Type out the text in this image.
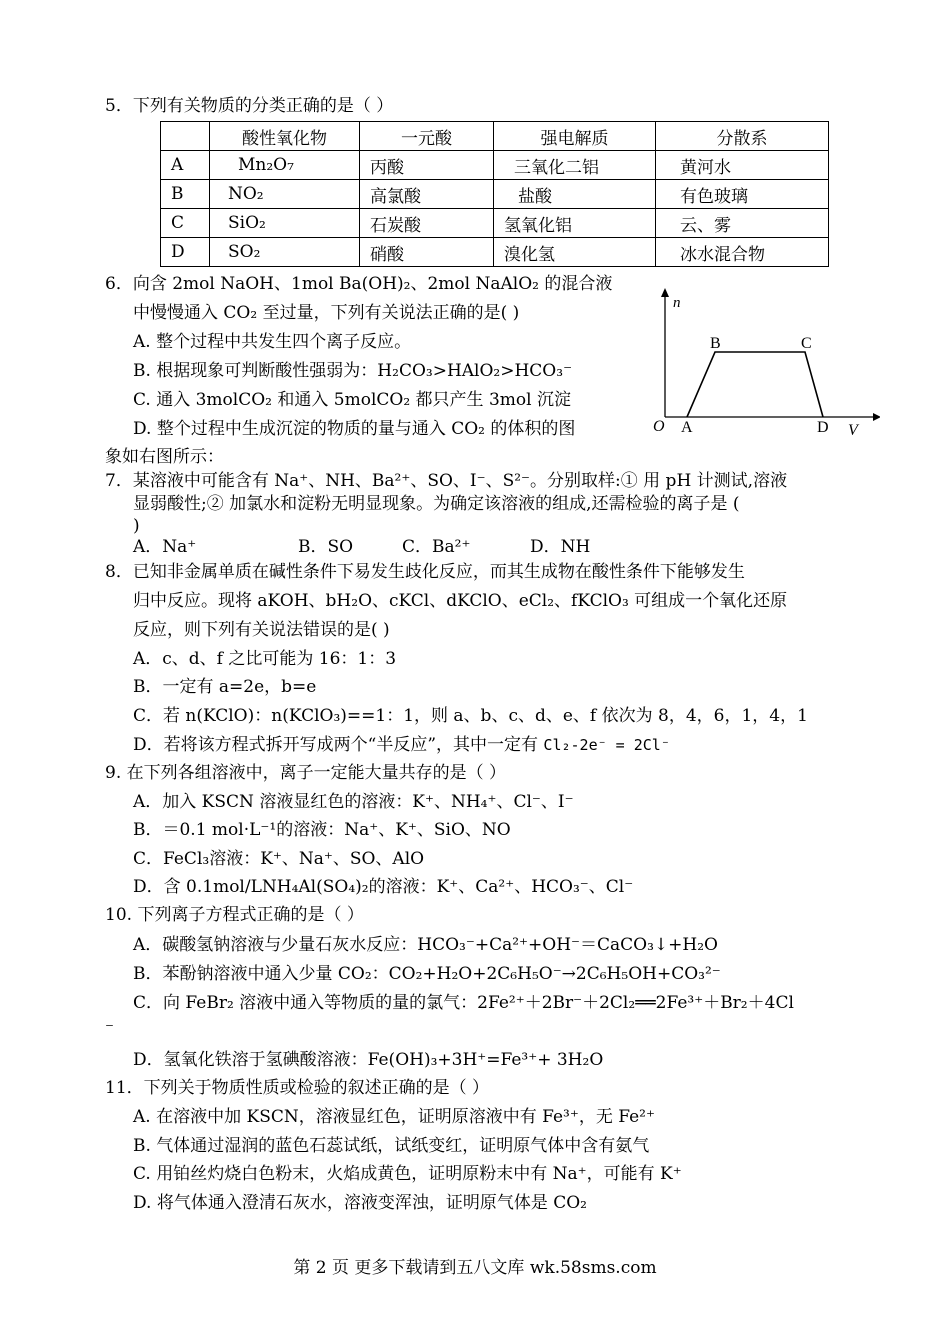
5．下列有关物质的分类正确的是（ ）
	酸性氧化物	一元酸	强电解质	分散系
A	Mn₂O₇	丙酸	三氧化二铝	黄河水
B	NO₂	高氯酸	盐酸	有色玻璃
C	SiO₂	石炭酸	氢氧化铝	云、雾
D	SO₂	硝酸	溴化氢	冰水混合物
6．向含 2mol NaOH、1mol Ba(OH)₂、2mol NaAlO₂ 的混合液
中慢慢通入 CO₂ 至过量，下列有关说法正确的是( )
A. 整个过程中共发生四个离子反应。
B. 根据现象可判断酸性强弱为：H₂CO₃>HAlO₂>HCO₃⁻
C. 通入 3molCO₂ 和通入 5molCO₂ 都只产生 3mol 沉淀
D. 整个过程中生成沉淀的物质的量与通入 CO₂ 的体积的图
象如右图所示：
n
V
O A
B	C
D
7．某溶液中可能含有 Na⁺、NH、Ba²⁺、SO、I⁻、S²⁻。分别取样:① 用 pH 计测试,溶液
显弱酸性;② 加氯水和淀粉无明显现象。为确定该溶液的组成,还需检验的离子是 (
)
A．Na⁺	B．SO	C．Ba²⁺	D．NH
8．已知非金属单质在碱性条件下易发生歧化反应，而其生成物在酸性条件下能够发生
归中反应。现将 aKOH、bH₂O、cKCl、dKClO、eCl₂、fKClO₃ 可组成一个氧化还原
反应，则下列有关说法错误的是( )
A．c、d、f 之比可能为 16：1：3
B．一定有 a=2e，b=e
C．若 n(KClO)：n(KClO₃)==1：1，则 a、b、c、d、e、f 依次为 8，4，6，1，4，1
D．若将该方程式拆开写成两个“半反应”，其中一定有 Cl₂-2e⁻ = 2Cl⁻
9. 在下列各组溶液中，离子一定能大量共存的是（ ）
A．加入 KSCN 溶液显红色的溶液：K⁺、NH₄⁺、Cl⁻、I⁻
B．＝0.1 mol·L⁻¹的溶液：Na⁺、K⁺、SiO、NO
C．FeCl₃溶液：K⁺、Na⁺、SO、AlO
D．含 0.1mol/LNH₄Al(SO₄)₂的溶液：K⁺、Ca²⁺、HCO₃⁻、Cl⁻
10. 下列离子方程式正确的是（ ）
A．碳酸氢钠溶液与少量石灰水反应：HCO₃⁻+Ca²⁺+OH⁻＝CaCO₃↓+H₂O
B．苯酚钠溶液中通入少量 CO₂：CO₂+H₂O+2C₆H₅O⁻→2C₆H₅OH+CO₃²⁻
C．向 FeBr₂ 溶液中通入等物质的量的氯气：2Fe²⁺＋2Br⁻＋2Cl₂══2Fe³⁺＋Br₂＋4Cl
⁻
D．氢氧化铁溶于氢碘酸溶液：Fe(OH)₃+3H⁺=Fe³⁺+ 3H₂O
11．下列关于物质性质或检验的叙述正确的是（ ）
A. 在溶液中加 KSCN，溶液显红色，证明原溶液中有 Fe³⁺，无 Fe²⁺
B. 气体通过湿润的蓝色石蕊试纸，试纸变红，证明原气体中含有氨气
C. 用铂丝灼烧白色粉末，火焰成黄色，证明原粉末中有 Na⁺，可能有 K⁺
D. 将气体通入澄清石灰水，溶液变浑浊，证明原气体是 CO₂
第 2 页 更多下载请到五八文库 wk.58sms.com
